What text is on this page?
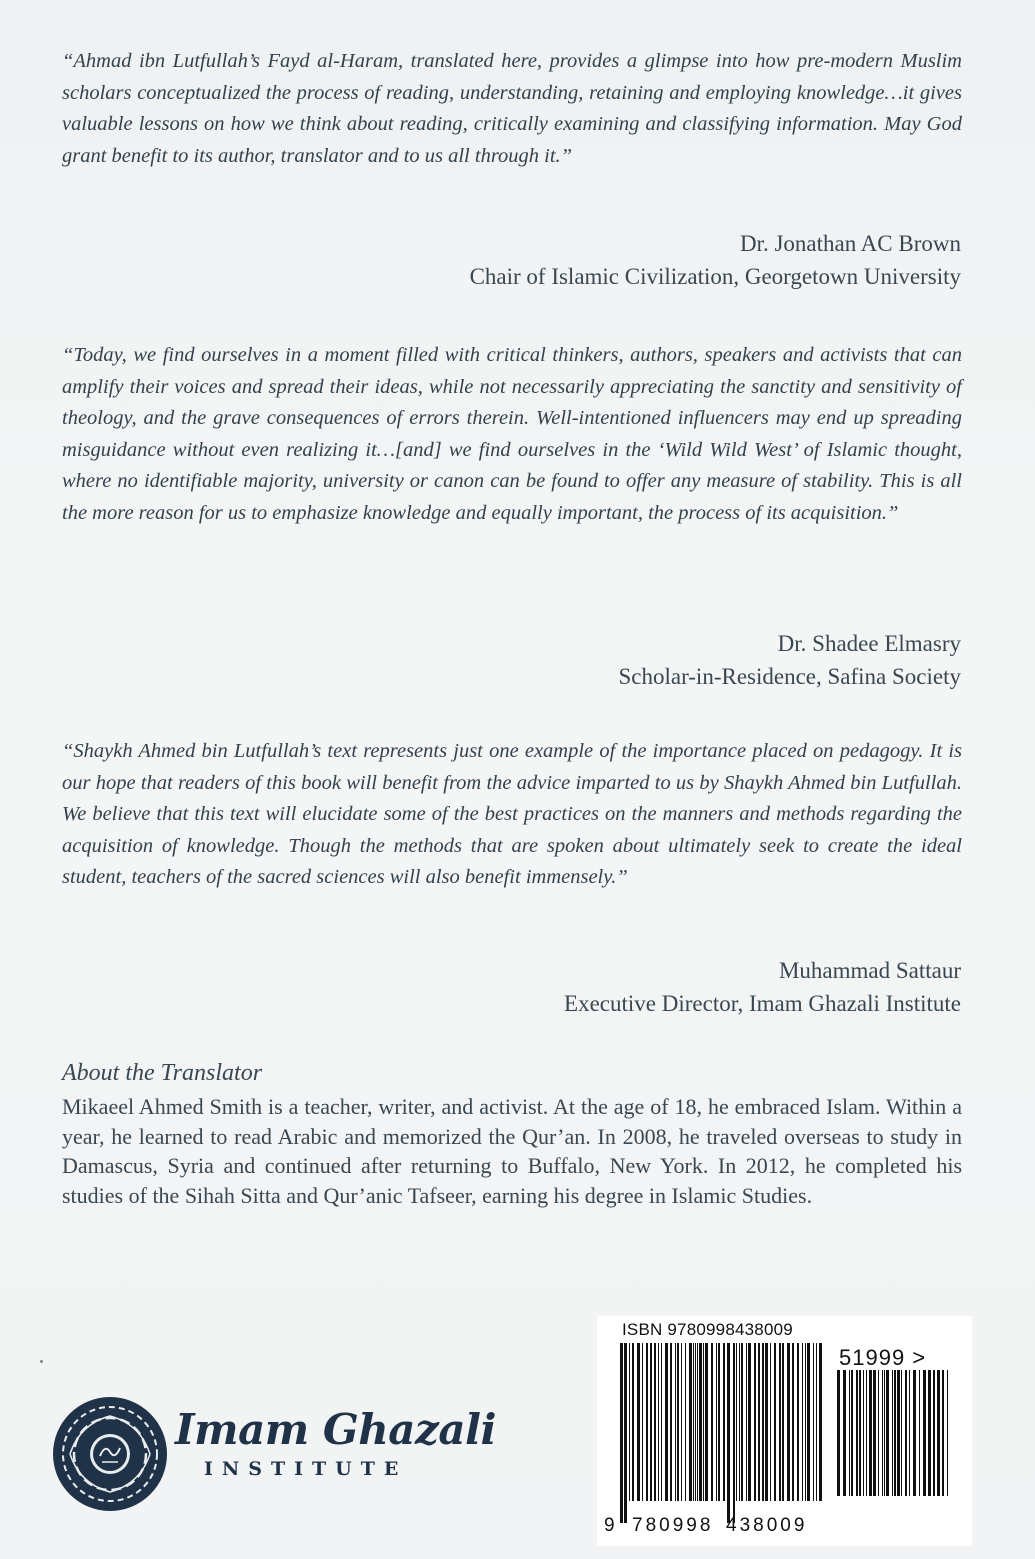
“Ahmad ibn Lutfullah’s Fayd al-Haram, translated here, provides a glimpse into how pre-modern Muslim scholars conceptualized the process of reading, understanding, retaining and employing knowledge…it gives valuable lessons on how we think about reading, critically examining and classifying information. May God grant benefit to its author, translator and to us all through it.”
Dr. Jonathan AC Brown
Chair of Islamic Civilization, Georgetown University
“Today, we find ourselves in a moment filled with critical thinkers, authors, speakers and activists that can amplify their voices and spread their ideas, while not necessarily appreciating the sanctity and sensitivity of theology, and the grave consequences of errors therein. Well-intentioned influencers may end up spreading misguidance without even realizing it…[and] we find ourselves in the ‘Wild Wild West’ of Islamic thought, where no identifiable majority, university or canon can be found to offer any measure of stability. This is all the more reason for us to emphasize knowledge and equally important, the process of its acquisition.”
Dr. Shadee Elmasry
Scholar-in-Residence, Safina Society
“Shaykh Ahmed bin Lutfullah’s text represents just one example of the importance placed on pedagogy. It is our hope that readers of this book will benefit from the advice imparted to us by Shaykh Ahmed bin Lutfullah. We believe that this text will elucidate some of the best practices on the manners and methods regarding the acquisition of knowledge. Though the methods that are spoken about ultimately seek to create the ideal student, teachers of the sacred sciences will also benefit immensely.”
Muhammad Sattaur
Executive Director, Imam Ghazali Institute
About the Translator
Mikaeel Ahmed Smith is a teacher, writer, and activist. At the age of 18, he embraced Islam. Within a year, he learned to read Arabic and memorized the Qur’an. In 2008, he traveled overseas to study in Damascus, Syria and continued after returning to Buffalo, New York. In 2012, he completed his studies of the Sihah Sitta and Qur’anic Tafseer, earning his degree in Islamic Studies.
Imam Ghazali
INSTITUTE
ISBN 9780998438009
51999 >
9 780998 438009
